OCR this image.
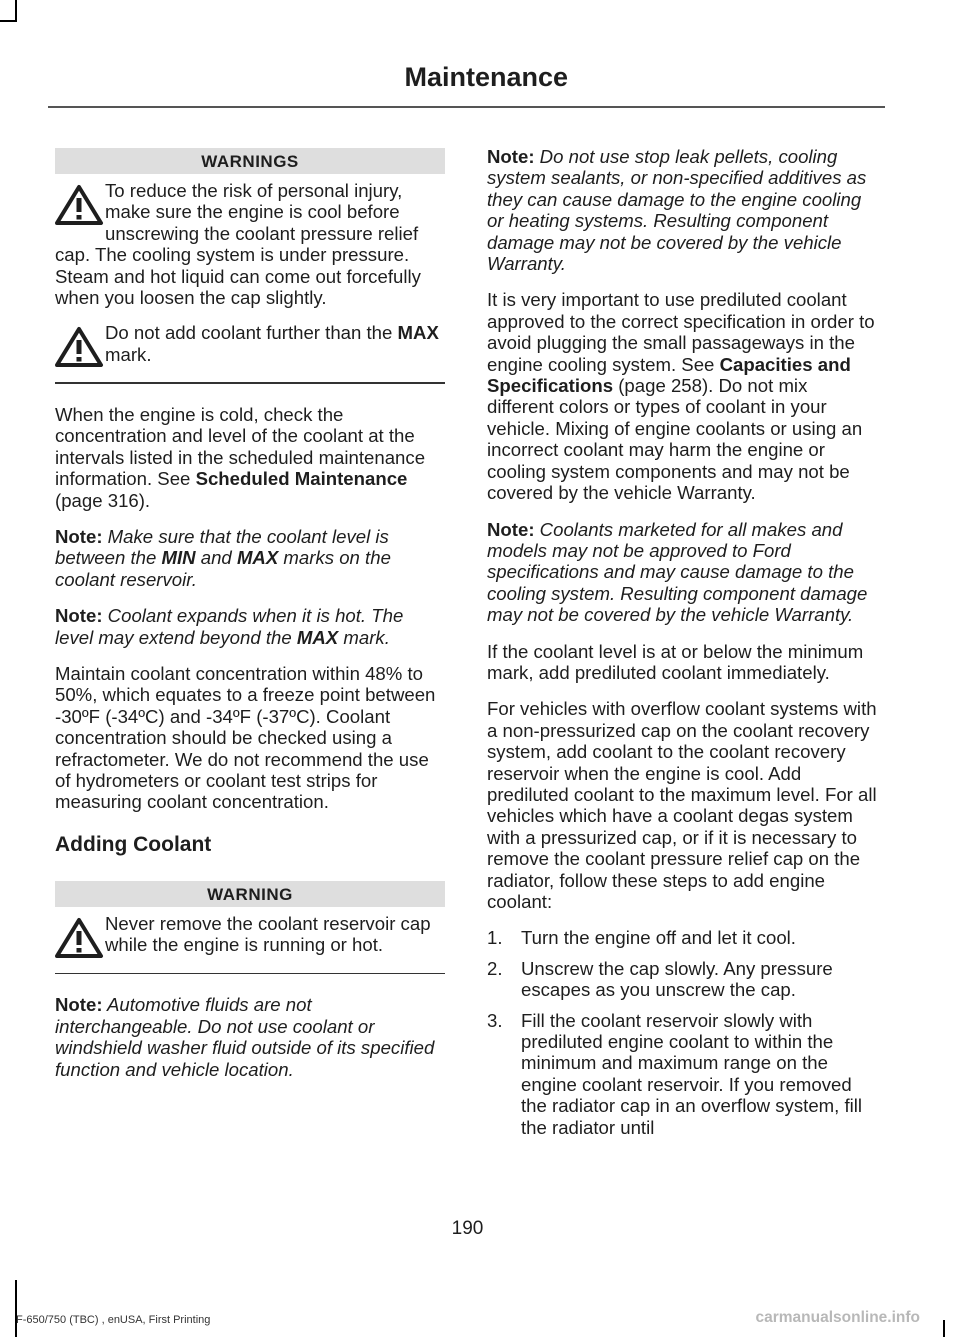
Maintenance
WARNINGS
To reduce the risk of personal injury, make sure the engine is cool before unscrewing the coolant pressure relief cap. The cooling system is under pressure. Steam and hot liquid can come out forcefully when you loosen the cap slightly.
Do not add coolant further than the MAX mark.

When the engine is cold, check the concentration and level of the coolant at the intervals listed in the scheduled maintenance information. See Scheduled Maintenance (page 316).

Note: Make sure that the coolant level is between the MIN and MAX marks on the coolant reservoir.

Note: Coolant expands when it is hot. The level may extend beyond the MAX mark.

Maintain coolant concentration within 48% to 50%, which equates to a freeze point between -30ºF (-34ºC) and -34ºF (-37ºC). Coolant concentration should be checked using a refractometer. We do not recommend the use of hydrometers or coolant test strips for measuring coolant concentration.

Adding Coolant
WARNING
Never remove the coolant reservoir cap while the engine is running or hot.

Note: Automotive fluids are not interchangeable. Do not use coolant or windshield washer fluid outside of its specified function and vehicle location.

Note: Do not use stop leak pellets, cooling system sealants, or non-specified additives as they can cause damage to the engine cooling or heating systems. Resulting component damage may not be covered by the vehicle Warranty.

It is very important to use prediluted coolant approved to the correct specification in order to avoid plugging the small passageways in the engine cooling system. See Capacities and Specifications (page 258). Do not mix different colors or types of coolant in your vehicle. Mixing of engine coolants or using an incorrect coolant may harm the engine or cooling system components and may not be covered by the vehicle Warranty.

Note: Coolants marketed for all makes and models may not be approved to Ford specifications and may cause damage to the cooling system. Resulting component damage may not be covered by the vehicle Warranty.

If the coolant level is at or below the minimum mark, add prediluted coolant immediately.

For vehicles with overflow coolant systems with a non-pressurized cap on the coolant recovery system, add coolant to the coolant recovery reservoir when the engine is cool. Add prediluted coolant to the maximum level. For all vehicles which have a coolant degas system with a pressurized cap, or if it is necessary to remove the coolant pressure relief cap on the radiator, follow these steps to add engine coolant:

1. Turn the engine off and let it cool.
2. Unscrew the cap slowly. Any pressure escapes as you unscrew the cap.
3. Fill the coolant reservoir slowly with prediluted engine coolant to within the minimum and maximum range on the engine coolant reservoir. If you removed the radiator cap in an overflow system, fill the radiator until
190
F-650/750 (TBC) , enUSA, First Printing	carmanualsonline.info
